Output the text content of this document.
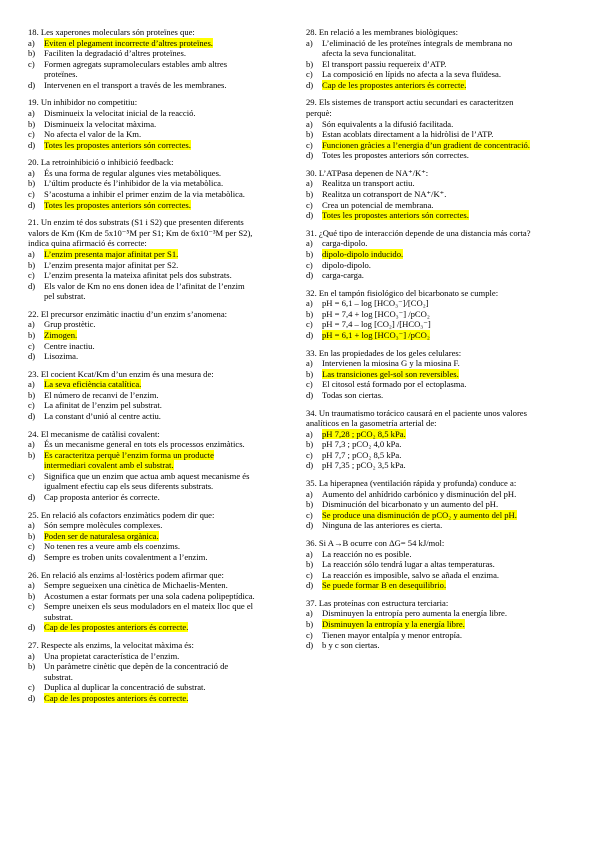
18. Les xaperones moleculars són proteïnes que:
a)	Eviten el plegament incorrecte d’altres proteïnes.
b)	Faciliten la degradació d’altres proteïnes.
c)	Formen agregats supramoleculars estables amb altres
proteïnes.
d)	Intervenen en el transport a través de les membranes.
19. Un inhibidor no competitiu:
a)	Disminueix la velocitat inicial de la reacció.
b)	Disminueix la velocitat màxima.
c)	No afecta el valor de la Km.
d)	Totes les propostes anteriors són correctes.
20. La retroinhibició o inhibició feedback:
a)	És una forma de regular algunes vies metabòliques.
b)	L’últim producte és l’inhibidor de la via metabòlica.
c)	S’acostuma a inhibir el primer enzim de la via metabòlica.
d)	Totes les propostes anteriors són correctes.
21. Un enzim té dos substrats (S1 i S2) que presenten diferents
valors de Km (Km de 5x10⁻⁵M per S1; Km de 6x10⁻³M per S2),
indica quina afirmació és correcte:
a)	L’enzim presenta major afinitat per S1.
b)	L’enzim presenta major afinitat per S2.
c)	L’enzim presenta la mateixa afinitat pels dos substrats.
d)	Els valor de Km no ens donen idea de l’afinitat de l’enzim
pel substrat.
22. El precursor enzimàtic inactiu d’un enzim s’anomena:
a)	Grup prostètic.
b)	Zimogen.
c)	Centre inactiu.
d)	Lisozima.
23. El cocient Kcat/Km d’un enzim és una mesura de:
a)	La seva eficiència catalítica.
b)	El número de recanvi de l’enzim.
c)	La afinitat de l’enzim pel substrat.
d)	La constant d’unió al centre actiu.
24. El mecanisme de catàlisi covalent:
a)	És un mecanisme general en tots els processos enzimàtics.
b)	Es caracteritza perquè l’enzim forma un producte
intermediari covalent amb el substrat.
c)	Significa que un enzim que actua amb aquest mecanisme és
igualment efectiu cap els seus diferents substrats.
d)	Cap proposta anterior és correcte.
25. En relació als cofactors enzimàtics podem dir que:
a)	Són sempre molècules complexes.
b)	Poden ser de naturalesa orgànica.
c)	No tenen res a veure amb els coenzims.
d)	Sempre es troben units covalentment a l’enzim.
26. En relació als enzims al·lostèrics podem afirmar que:
a)	Sempre segueixen una cinètica de Michaelis-Menten.
b)	Acostumen a estar formats per una sola cadena polipeptídica.
c)	Sempre uneixen els seus moduladors en el mateix lloc que el
substrat.
d)	Cap de les propostes anteriors és correcte.
27. Respecte als enzims, la velocitat màxima és:
a)	Una propietat característica de l’enzim.
b)	Un paràmetre cinètic que depèn de la concentració de
substrat.
c)	Duplica al duplicar la concentració de substrat.
d)	Cap de les propostes anteriors és correcte.
28. En relació a les membranes biològiques:
a)	L’eliminació de les proteïnes íntegrals de membrana no
afecta la seva funcionalitat.
b)	El transport passiu requereix d’ATP.
c)	La composició en lípids no afecta a la seva fluïdesa.
d)	Cap de les propostes anteriors és correcte.
29. Els sistemes de transport actiu secundari es caracteritzen
perquè:
a)	Són equivalents a la difusió facilitada.
b)	Estan acoblats directament a la hidròlisi de l’ATP.
c)	Funcionen gràcies a l’energia d’un gradient de concentració.
d)	Totes les propostes anteriors són correctes.
30. L’ATPasa depenen de NA⁺/K⁺:
a)	Realitza un transport actiu.
b)	Realitza un cotransport de NA⁺/K⁺.
c)	Crea un potencial de membrana.
d)	Totes les propostes anteriors són correctes.
31. ¿Qué tipo de interacción depende de una distancia más corta?
a)	carga-dipolo.
b)	dipolo-dipolo inducido.
c)	dipolo-dipolo.
d)	carga-carga.
32. En el tampón fisiológico del bicarbonato se cumple:
a)	pH = 6,1 – log [HCO₃⁻]/[CO₂]
b)	pH = 7,4 + log [HCO₃⁻] /pCO₂
c)	pH = 7,4 – log [CO₂] /[HCO₃⁻]
d)	pH = 6,1 + log [HCO₃⁻] /pCO₂
33. En las propiedades de los geles celulares:
a)	Intervienen la miosina G y la miosina F.
b)	Las transiciones gel-sol son reversibles.
c)	El citosol está formado por el ectoplasma.
d)	Todas son ciertas.
34. Un traumatismo torácico causará en el paciente unos valores
analíticos en la gasometría arterial de:
a)	pH 7,28 ; pCO₂ 8,5 kPa.
b)	pH 7,3 ; pCO₂ 4,0 kPa.
c)	pH 7,7 ; pCO₂ 8,5 kPa.
d)	pH 7,35 ; pCO₂ 3,5 kPa.
35. La hiperapnea (ventilación rápida y profunda) conduce a:
a)	Aumento del anhídrido carbónico y disminución del pH.
b)	Disminución del bicarbonato y un aumento del pH.
c)	Se produce una disminución de pCO₂ y aumento del pH.
d)	Ninguna de las anteriores es cierta.
36. Si A→B ocurre con ΔG= 54 kJ/mol:
a)	La reacción no es posible.
b)	La reacción sólo tendrá lugar a altas temperaturas.
c)	La reacción es imposible, salvo se añada el enzima.
d)	Se puede formar B en desequilibrio.
37. Las proteínas con estructura terciaria:
a)	Disminuyen la entropía pero aumenta la energía libre.
b)	Disminuyen la entropía y la energía libre.
c)	Tienen mayor entalpía y menor entropía.
d)	b y c son ciertas.
